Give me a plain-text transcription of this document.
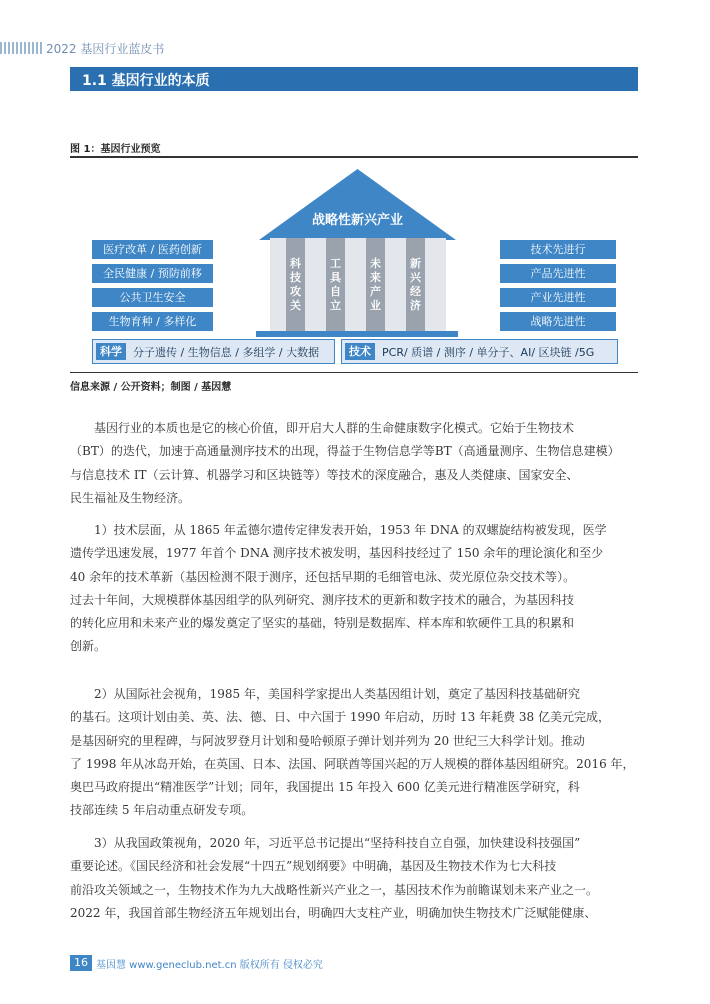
2022 基因行业蓝皮书
1.1 基因行业的本质
图 1：基因行业预览
医疗改革 / 医药创新
全民健康 / 预防前移
公共卫生安全
生物育种 / 多样化
技术先进行
产品先进性
产业先进性
战略先进性
战略性新兴产业
科
技
攻
关
工
具
自
立
未
来
产
业
新
兴
经
济
科学	分子遗传 / 生物信息 / 多组学 / 大数据	技术	PCR/ 质谱 / 测序 / 单分子、AI/ 区块链 /5G
信息来源 / 公开资料；制图 / 基因慧
基因行业的本质也是它的核心价值，即开启大人群的生命健康数字化模式。它始于生物技术
（BT）的迭代，加速于高通量测序技术的出现，得益于生物信息学等BT（高通量测序、生物信息建模）
与信息技术 IT（云计算、机器学习和区块链等）等技术的深度融合，惠及人类健康、国家安全、
民生福祉及生物经济。
1）技术层面，从 1865 年孟德尔遗传定律发表开始，1953 年 DNA 的双螺旋结构被发现，医学
遗传学迅速发展，1977 年首个 DNA 测序技术被发明，基因科技经过了 150 余年的理论演化和至少
40 余年的技术革新（基因检测不限于测序，还包括早期的毛细管电泳、荧光原位杂交技术等）。
过去十年间，大规模群体基因组学的队列研究、测序技术的更新和数字技术的融合，为基因科技
的转化应用和未来产业的爆发奠定了坚实的基础，特别是数据库、样本库和软硬件工具的积累和
创新。
2）从国际社会视角，1985 年，美国科学家提出人类基因组计划，奠定了基因科技基础研究
的基石。这项计划由美、英、法、德、日、中六国于 1990 年启动，历时 13 年耗费 38 亿美元完成，
是基因研究的里程碑，与阿波罗登月计划和曼哈顿原子弹计划并列为 20 世纪三大科学计划。推动
了 1998 年从冰岛开始，在英国、日本、法国、阿联酋等国兴起的万人规模的群体基因组研究。2016 年，
奥巴马政府提出“精准医学”计划；同年，我国提出 15 年投入 600 亿美元进行精准医学研究，科
技部连续 5 年启动重点研发专项。
3）从我国政策视角，2020 年，习近平总书记提出“坚持科技自立自强，加快建设科技强国”
重要论述。《国民经济和社会发展“十四五”规划纲要》中明确，基因及生物技术作为七大科技
前沿攻关领域之一，生物技术作为九大战略性新兴产业之一，基因技术作为前瞻谋划未来产业之一。
2022 年，我国首部生物经济五年规划出台，明确四大支柱产业，明确加快生物技术广泛赋能健康、
16 基因慧 www.geneclub.net.cn 版权所有 侵权必究
